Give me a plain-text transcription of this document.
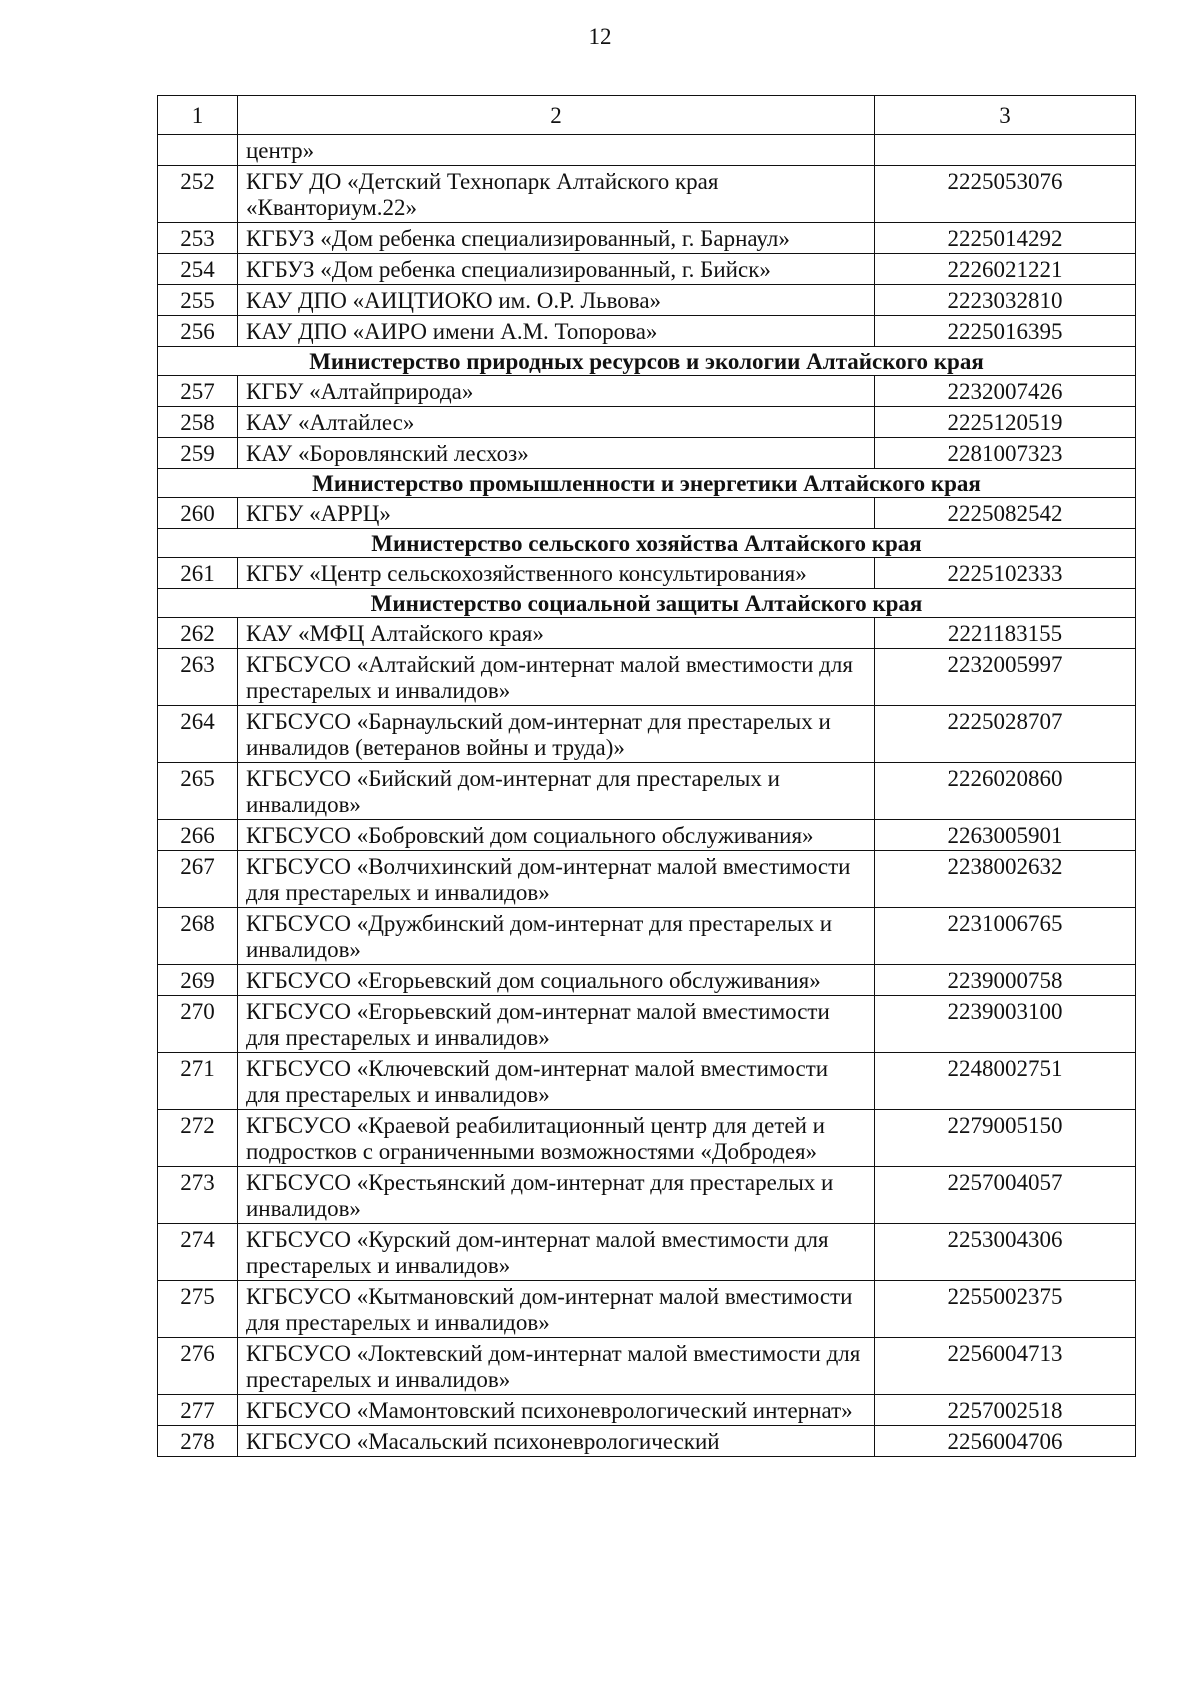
12
1	2	3
	центр»	
252	КГБУ ДО «Детский Технопарк Алтайского края «Кванториум.22»	2225053076
253	КГБУЗ «Дом ребенка специализированный, г. Барнаул»	2225014292
254	КГБУЗ «Дом ребенка специализированный, г. Бийск»	2226021221
255	КАУ ДПО «АИЦТИОКО им. О.Р. Львова»	2223032810
256	КАУ ДПО «АИРО имени А.М. Топорова»	2225016395
Министерство природных ресурсов и экологии Алтайского края		
257	КГБУ «Алтайприрода»	2232007426
258	КАУ «Алтайлес»	2225120519
259	КАУ «Боровлянский лесхоз»	2281007323
Министерство промышленности и энергетики Алтайского края		
260	КГБУ «АРРЦ»	2225082542
Министерство сельского хозяйства Алтайского края		
261	КГБУ «Центр сельскохозяйственного консультирования»	2225102333
Министерство социальной защиты Алтайского края		
262	КАУ «МФЦ Алтайского края»	2221183155
263	КГБСУСО «Алтайский дом-интернат малой вместимости для престарелых и инвалидов»	2232005997
264	КГБСУСО «Барнаульский дом-интернат для престарелых и инвалидов (ветеранов войны и труда)»	2225028707
265	КГБСУСО «Бийский дом-интернат для престарелых и инвалидов»	2226020860
266	КГБСУСО «Бобровский дом социального обслуживания»	2263005901
267	КГБСУСО «Волчихинский дом-интернат малой вместимости для престарелых и инвалидов»	2238002632
268	КГБСУСО «Дружбинский дом-интернат для престарелых и инвалидов»	2231006765
269	КГБСУСО «Егорьевский дом социального обслуживания»	2239000758
270	КГБСУСО «Егорьевский дом-интернат малой вместимости для престарелых и инвалидов»	2239003100
271	КГБСУСО «Ключевский дом-интернат малой вместимости для престарелых и инвалидов»	2248002751
272	КГБСУСО «Краевой реабилитационный центр для детей и подростков с ограниченными возможностями «Добродея»	2279005150
273	КГБСУСО «Крестьянский дом-интернат для престарелых и инвалидов»	2257004057
274	КГБСУСО «Курский дом-интернат малой вместимости для престарелых и инвалидов»	2253004306
275	КГБСУСО «Кытмановский дом-интернат малой вместимости для престарелых и инвалидов»	2255002375
276	КГБСУСО «Локтевский дом-интернат малой вместимости для престарелых и инвалидов»	2256004713
277	КГБСУСО «Мамонтовский психоневрологический интернат»	2257002518
278	КГБСУСО «Масальский психоневрологический	2256004706
